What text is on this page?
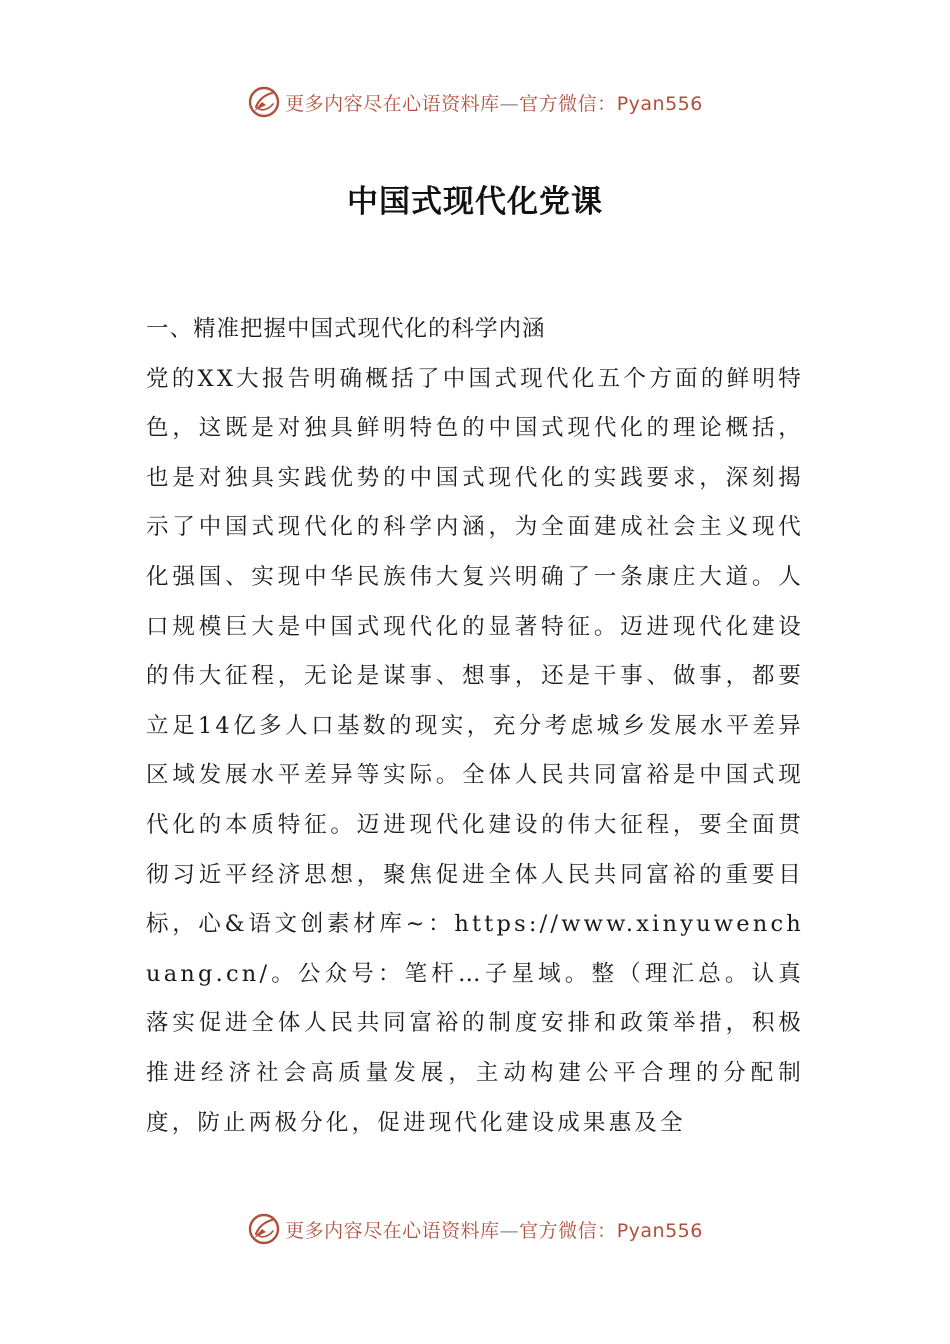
更多内容尽在心语资料库—官方微信：Pyan556
中国式现代化党课

一、精准把握中国式现代化的科学内涵

党的XX大报告明确概括了中国式现代化五个方面的鲜明特色，这既是对独具鲜明特色的中国式现代化的理论概括，也是对独具实践优势的中国式现代化的实践要求，深刻揭示了中国式现代化的科学内涵，为全面建成社会主义现代化强国、实现中华民族伟大复兴明确了一条康庄大道。人口规模巨大是中国式现代化的显著特征。迈进现代化建设的伟大征程，无论是谋事、想事，还是干事、做事，都要立足14亿多人口基数的现实，充分考虑城乡发展水平差异区域发展水平差异等实际。全体人民共同富裕是中国式现代化的本质特征。迈进现代化建设的伟大征程，要全面贯彻习近平经济思想，聚焦促进全体人民共同富裕的重要目标，心&语文创素材库~：https://www.xinyuwenchuang.cn/。公众号：笔杆…子星域。整（理汇总。认真落实促进全体人民共同富裕的制度安排和政策举措，积极推进经济社会高质量发展，主动构建公平合理的分配制度，防止两极分化，促进现代化建设成果惠及全

更多内容尽在心语资料库—官方微信：Pyan556
